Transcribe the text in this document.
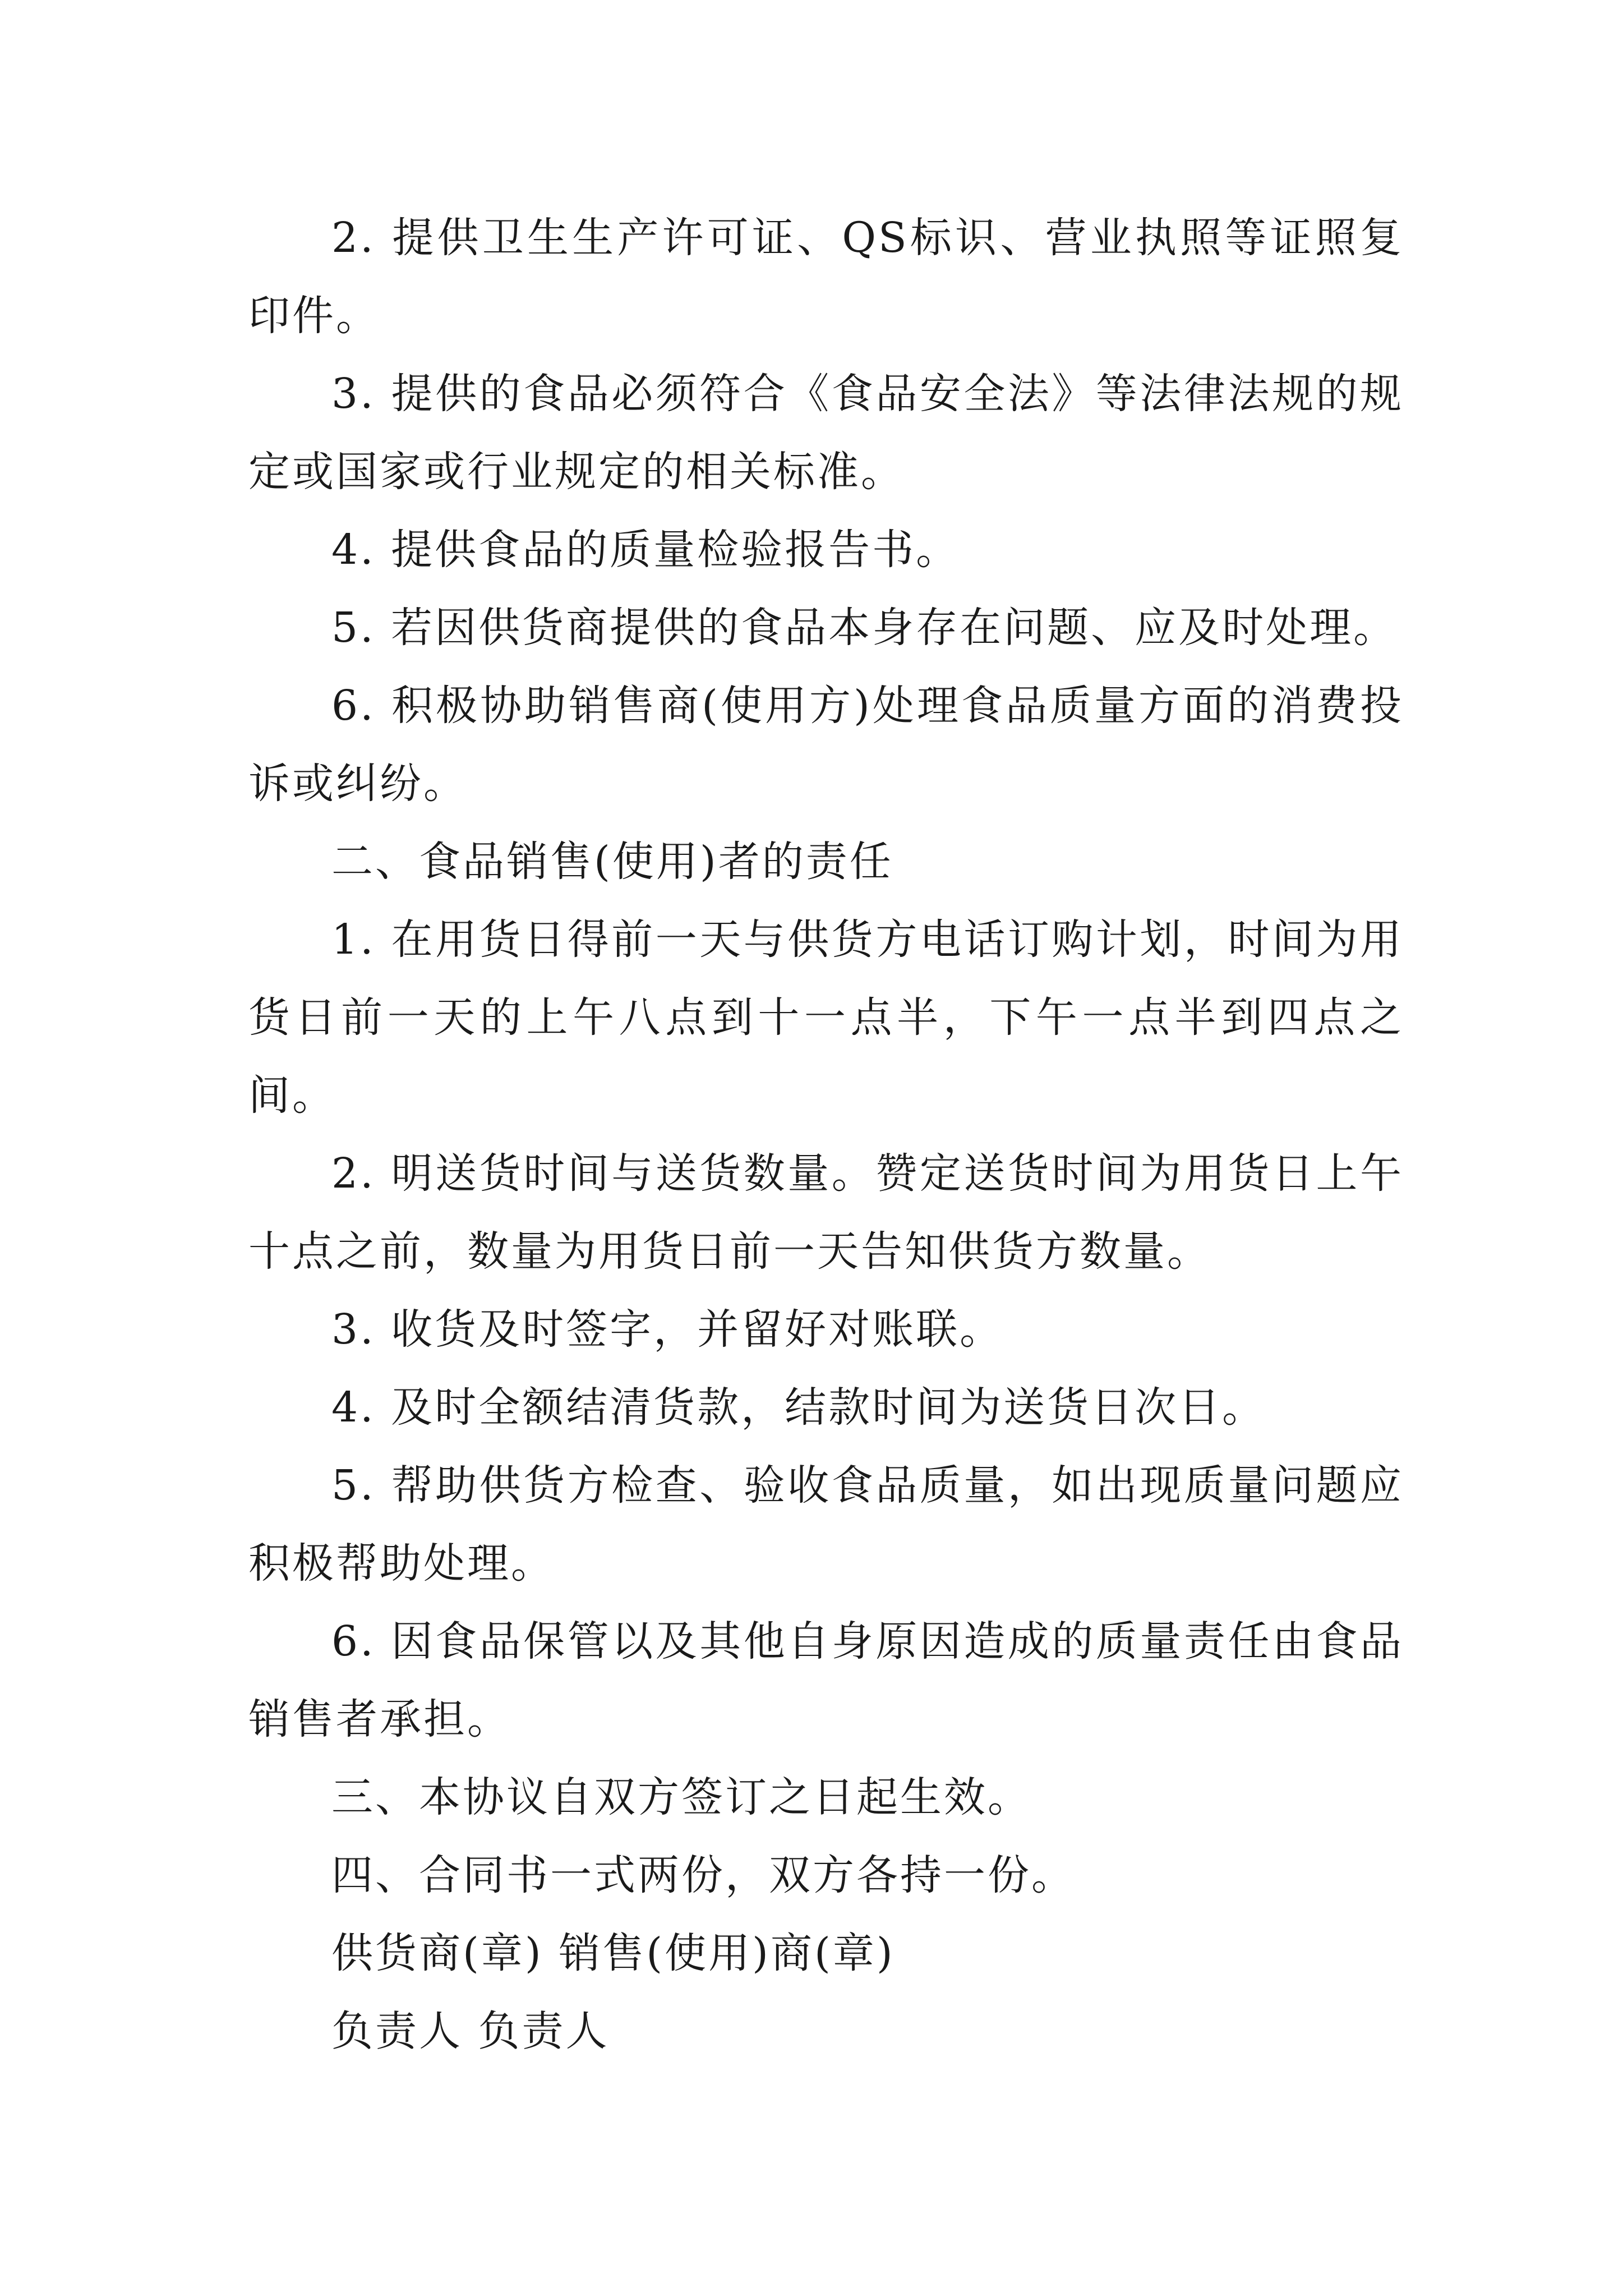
2. 提供卫生生产许可证、QS标识、营业执照等证照复印件。

3. 提供的食品必须符合《食品安全法》等法律法规的规定或国家或行业规定的相关标准。

4. 提供食品的质量检验报告书。

5. 若因供货商提供的食品本身存在问题、应及时处理。

6. 积极协助销售商(使用方)处理食品质量方面的消费投诉或纠纷。

二、食品销售(使用)者的责任

1. 在用货日得前一天与供货方电话订购计划，时间为用货日前一天的上午八点到十一点半，下午一点半到四点之间。

2. 明送货时间与送货数量。赞定送货时间为用货日上午十点之前，数量为用货日前一天告知供货方数量。

3. 收货及时签字，并留好对账联。

4. 及时全额结清货款，结款时间为送货日次日。

5. 帮助供货方检查、验收食品质量，如出现质量问题应积极帮助处理。

6. 因食品保管以及其他自身原因造成的质量责任由食品销售者承担。

三、本协议自双方签订之日起生效。

四、合同书一式两份，双方各持一份。

供货商(章) 销售(使用)商(章)

负责人 负责人
